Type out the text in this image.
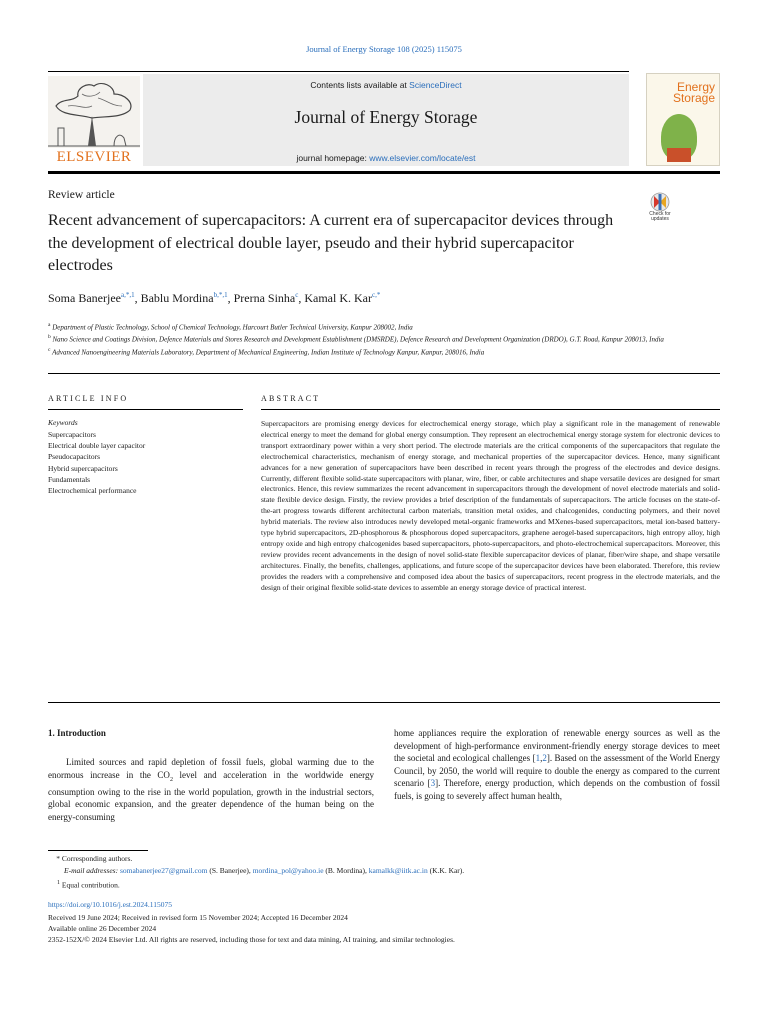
Journal of Energy Storage 108 (2025) 115075
ELSEVIER
Contents lists available at ScienceDirect
Journal of Energy Storage
journal homepage: www.elsevier.com/locate/est
Energy
Storage
Review article
Recent advancement of supercapacitors: A current era of supercapacitor devices through the development of electrical double layer, pseudo and their hybrid supercapacitor electrodes
Check for
updates
Soma Banerjee$^{a,*,1}$, Bablu Mordina$^{b,*,1}$, Prerna Sinha$^c$, Kamal K. Kar$^{c,*}$
$^a$ Department of Plastic Technology, School of Chemical Technology, Harcourt Butler Technical University, Kanpur 208002, India
$^b$ Nano Science and Coatings Division, Defence Materials and Stores Research and Development Establishment (DMSRDE), Defence Research and Development Organization (DRDO), G.T. Road, Kanpur 208013, India
$^c$ Advanced Nanoengineering Materials Laboratory, Department of Mechanical Engineering, Indian Institute of Technology Kanpur, Kanpur, 208016, India
ARTICLE INFO
Keywords
Supercapacitors
Electrical double layer capacitor
Pseudocapacitors
Hybrid supercapacitors
Fundamentals
Electrochemical performance
ABSTRACT
Supercapacitors are promising energy devices for electrochemical energy storage, which play a significant role in the management of renewable electrical energy to meet the demand for global energy consumption. They represent an electrochemical energy storage system for electronic devices to transport extraordinary power within a very short period. The electrode materials are the critical components of the supercapacitors that regulate the electrochemical characteristics, mechanism of energy storage, and mechanical properties of the supercapacitor devices. Hence, many significant advances for a new generation of supercapacitors have been described in recent years through the progress of the electrodes and device designs. Currently, different flexible solid-state supercapacitors with planar, wire, fiber, or cable architectures and shape versatile devices are designed for smart electronics. Hence, this review summarizes the recent advancement in supercapacitors through the development of novel electrode materials and solid-state flexible device design. Firstly, the review provides a brief description of the fundamentals of supercapacitors. The article focuses on the state-of-the-art progress towards different architectural carbon materials, transition metal oxides, and chalcogenides, conducting polymers, and their novel hybrid materials. The review also introduces newly developed metal-organic frameworks and MXenes-based supercapacitors, metal ion-based battery-type hybrid supercapacitors, 2D-phosphorous & phosphorous doped supercapacitors, graphene aerogel-based supercapacitors, high entropy alloy, high entropy oxide and high entropy chalcogenides based supercapacitors, photo-supercapacitors, and photo-electrochemical supercapacitors. Moreover, this review provides recent advancements in the design of novel solid-state flexible supercapacitor devices of planar, fiber/wire shape, and shape versatile architectures. Finally, the benefits, challenges, applications, and future scope of the supercapacitor devices have been elaborated. Therefore, this review provides the readers with a comprehensive and composed idea about the basics of supercapacitors, recent progress in the electrode materials, and the design of their original flexible solid-state devices to assemble an energy storage device of practical interest.
1. Introduction
Limited sources and rapid depletion of fossil fuels, global warming due to the enormous increase in the $CO_2$ level and acceleration in the worldwide energy consumption owing to the rise in the world population, growth in the industrial sectors, global economic expansion, and the greater dependence of the human being on the energy-consuming
home appliances require the exploration of renewable energy sources as well as the development of high-performance environment-friendly energy storage devices to meet the societal and ecological challenges [1,2]. Based on the assessment of the World Energy Council, by 2050, the world will require to double the energy as compared to the current scenario [3]. Therefore, energy production, which depends on the combustion of fossil fuels, is going to severely affect human health,
* Corresponding authors.
E-mail addresses: somabanerjee27@gmail.com (S. Banerjee), mordina_pol@yahoo.ie (B. Mordina), kamalkk@iitk.ac.in (K.K. Kar).
1 Equal contribution.
https://doi.org/10.1016/j.est.2024.115075
Received 19 June 2024; Received in revised form 15 November 2024; Accepted 16 December 2024
Available online 26 December 2024
2352-152X/© 2024 Elsevier Ltd. All rights are reserved, including those for text and data mining, AI training, and similar technologies.
